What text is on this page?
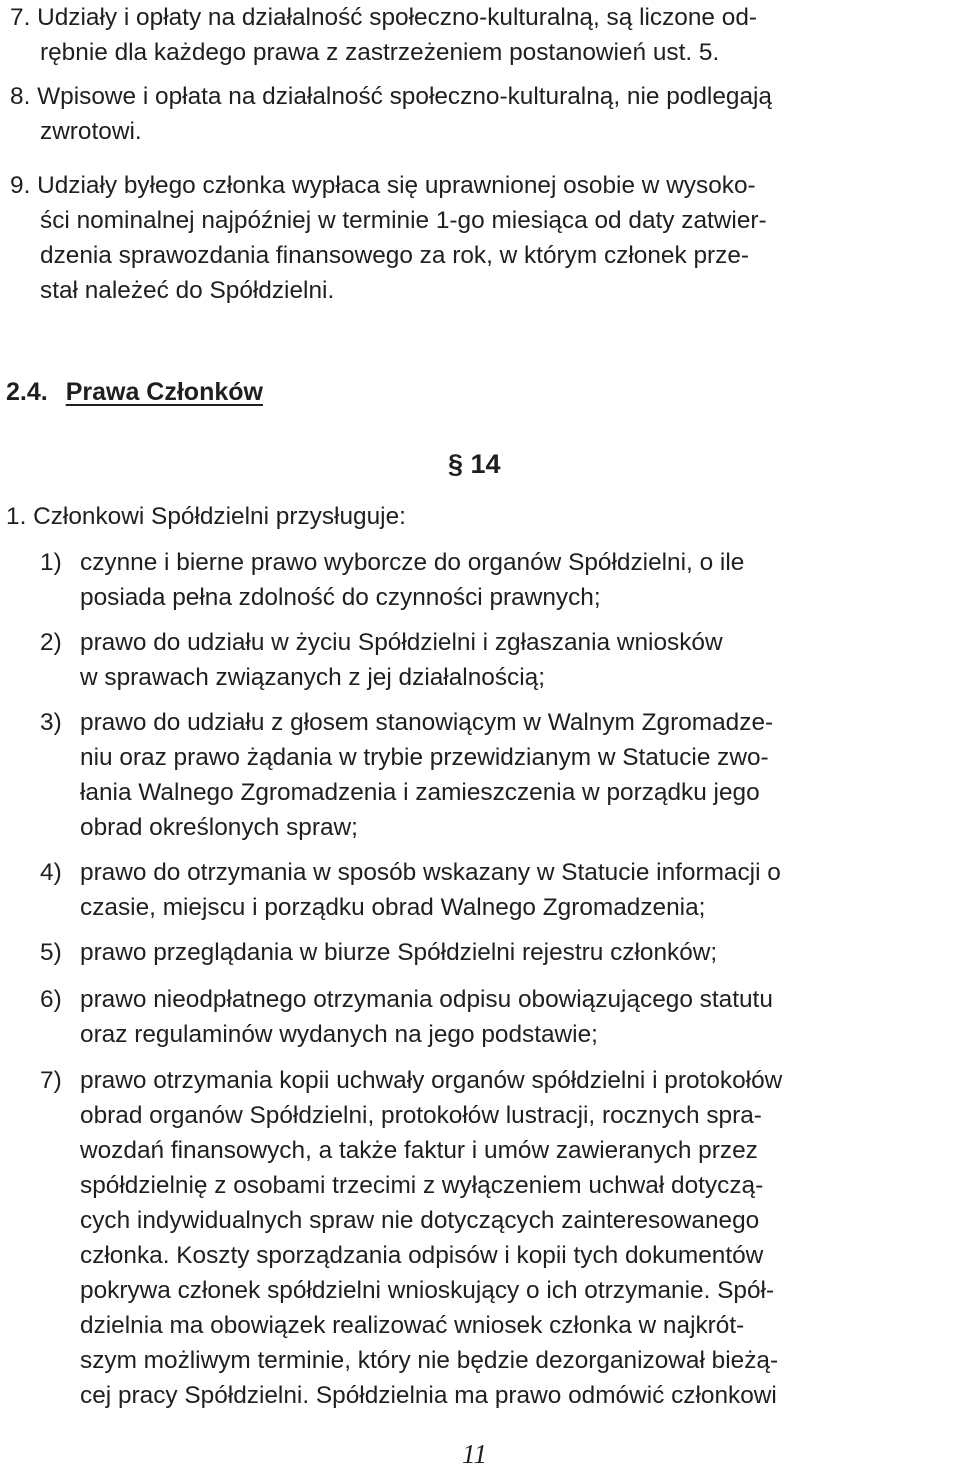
7. Udziały i opłaty na działalność społeczno-kulturalną, są liczone od-
rębnie dla każdego prawa z zastrzeżeniem postanowień ust. 5.
8. Wpisowe i opłata na działalność społeczno-kulturalną, nie podlegają
zwrotowi.
9. Udziały byłego członka wypłaca się uprawnionej osobie w wysoko-
ści nominalnej najpóźniej w terminie 1-go miesiąca od daty zatwier-
dzenia sprawozdania finansowego za rok, w którym członek prze-
stał należeć do Spółdzielni.
2.4. Prawa Członków
§ 14
1. Członkowi Spółdzielni przysługuje:
1) czynne i bierne prawo wyborcze do organów Spółdzielni, o ile
posiada pełna zdolność do czynności prawnych;
2) prawo do udziału w życiu Spółdzielni i zgłaszania wniosków
w sprawach związanych z jej działalnością;
3) prawo do udziału z głosem stanowiącym w Walnym Zgromadze-
niu oraz prawo żądania w trybie przewidzianym w Statucie zwo-
łania Walnego Zgromadzenia i zamieszczenia w porządku jego
obrad określonych spraw;
4) prawo do otrzymania w sposób wskazany w Statucie informacji o
czasie, miejscu i porządku obrad Walnego Zgromadzenia;
5) prawo przeglądania w biurze Spółdzielni rejestru członków;
6) prawo nieodpłatnego otrzymania odpisu obowiązującego statutu
oraz regulaminów wydanych na jego podstawie;
7) prawo otrzymania kopii uchwały organów spółdzielni i protokołów
obrad organów Spółdzielni, protokołów lustracji, rocznych spra-
wozdań finansowych, a także faktur i umów zawieranych przez
spółdzielnię z osobami trzecimi z wyłączeniem uchwał dotyczą-
cych indywidualnych spraw nie dotyczących zainteresowanego
członka. Koszty sporządzania odpisów i kopii tych dokumentów
pokrywa członek spółdzielni wnioskujący o ich otrzymanie. Spół-
dzielnia ma obowiązek realizować wniosek członka w najkrót-
szym możliwym terminie, który nie będzie dezorganizował bieżą-
cej pracy Spółdzielni. Spółdzielnia ma prawo odmówić członkowi
11
